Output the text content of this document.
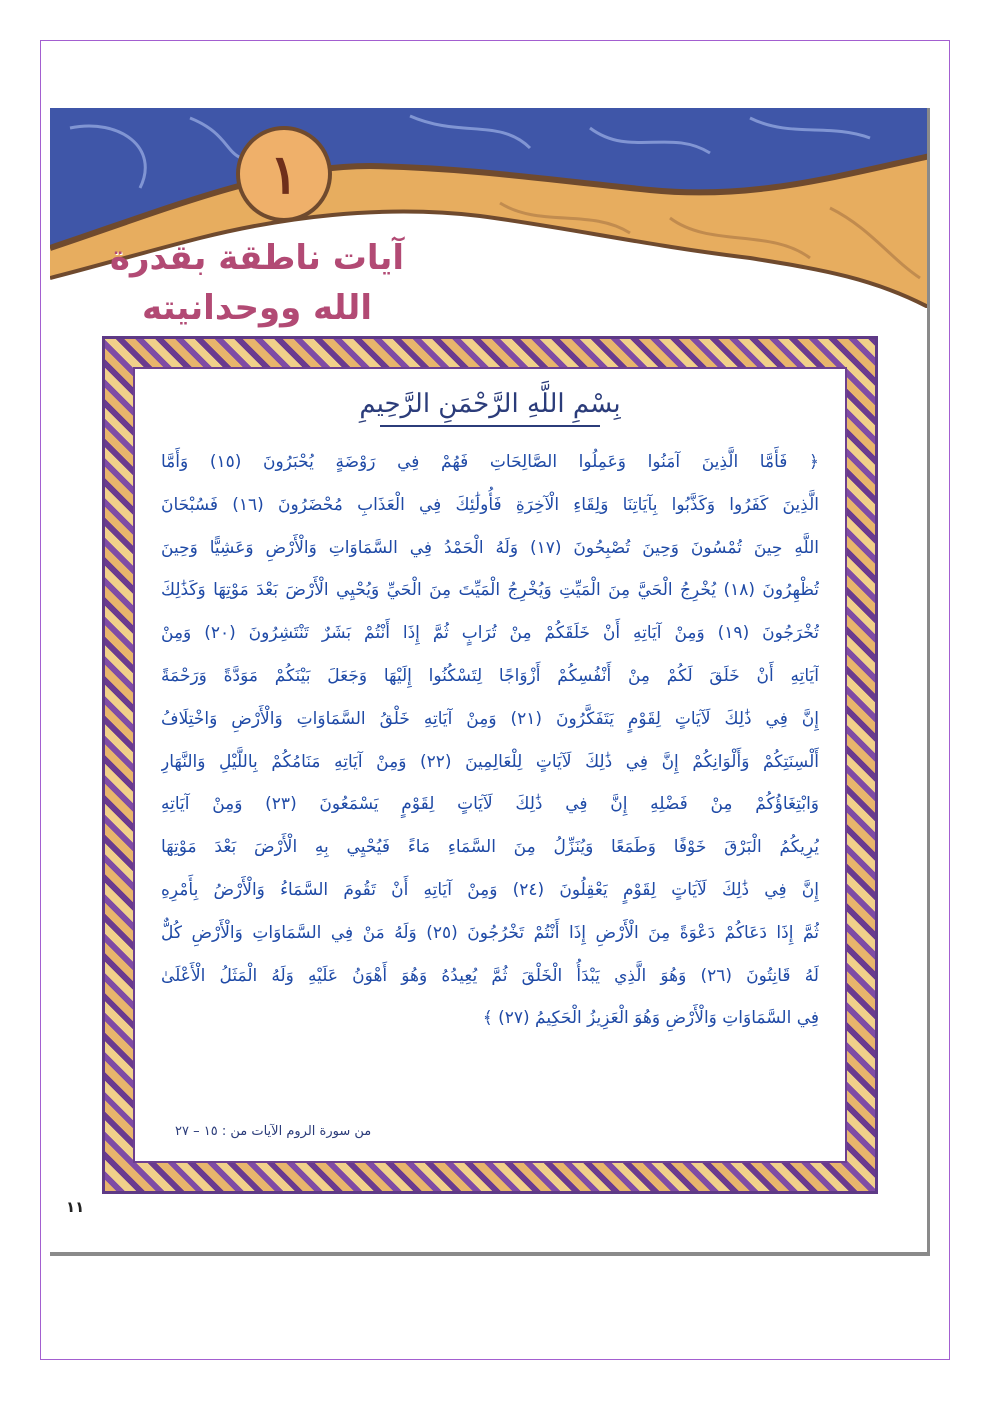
١
آيات ناطقة بقدرة الله ووحدانيته
بِسْمِ اللَّهِ الرَّحْمَنِ الرَّحِيمِ
﴿ فَأَمَّا الَّذِينَ آمَنُوا وَعَمِلُوا الصَّالِحَاتِ فَهُمْ فِي رَوْضَةٍ يُحْبَرُونَ (١٥) وَأَمَّا
الَّذِينَ كَفَرُوا وَكَذَّبُوا بِآيَاتِنَا وَلِقَاءِ الْآخِرَةِ فَأُولَٰئِكَ فِي الْعَذَابِ مُحْضَرُونَ (١٦) فَسُبْحَانَ
اللَّهِ حِينَ تُمْسُونَ وَحِينَ تُصْبِحُونَ (١٧) وَلَهُ الْحَمْدُ فِي السَّمَاوَاتِ وَالْأَرْضِ وَعَشِيًّا وَحِينَ
تُظْهِرُونَ (١٨) يُخْرِجُ الْحَيَّ مِنَ الْمَيِّتِ وَيُخْرِجُ الْمَيِّتَ مِنَ الْحَيِّ وَيُحْيِي الْأَرْضَ بَعْدَ مَوْتِهَا وَكَذَٰلِكَ
تُخْرَجُونَ (١٩) وَمِنْ آيَاتِهِ أَنْ خَلَقَكُمْ مِنْ تُرَابٍ ثُمَّ إِذَا أَنْتُمْ بَشَرٌ تَنْتَشِرُونَ (٢٠) وَمِنْ
آيَاتِهِ أَنْ خَلَقَ لَكُمْ مِنْ أَنْفُسِكُمْ أَزْوَاجًا لِتَسْكُنُوا إِلَيْهَا وَجَعَلَ بَيْنَكُمْ مَوَدَّةً وَرَحْمَةً
إِنَّ فِي ذَٰلِكَ لَآيَاتٍ لِقَوْمٍ يَتَفَكَّرُونَ (٢١) وَمِنْ آيَاتِهِ خَلْقُ السَّمَاوَاتِ وَالْأَرْضِ وَاخْتِلَافُ
أَلْسِنَتِكُمْ وَأَلْوَانِكُمْ إِنَّ فِي ذَٰلِكَ لَآيَاتٍ لِلْعَالِمِينَ (٢٢) وَمِنْ آيَاتِهِ مَنَامُكُمْ بِاللَّيْلِ وَالنَّهَارِ
وَابْتِغَاؤُكُمْ مِنْ فَضْلِهِ إِنَّ فِي ذَٰلِكَ لَآيَاتٍ لِقَوْمٍ يَسْمَعُونَ (٢٣) وَمِنْ آيَاتِهِ
يُرِيكُمُ الْبَرْقَ خَوْفًا وَطَمَعًا وَيُنَزِّلُ مِنَ السَّمَاءِ مَاءً فَيُحْيِي بِهِ الْأَرْضَ بَعْدَ مَوْتِهَا
إِنَّ فِي ذَٰلِكَ لَآيَاتٍ لِقَوْمٍ يَعْقِلُونَ (٢٤) وَمِنْ آيَاتِهِ أَنْ تَقُومَ السَّمَاءُ وَالْأَرْضُ بِأَمْرِهِ
ثُمَّ إِذَا دَعَاكُمْ دَعْوَةً مِنَ الْأَرْضِ إِذَا أَنْتُمْ تَخْرُجُونَ (٢٥) وَلَهُ مَنْ فِي السَّمَاوَاتِ وَالْأَرْضِ كُلٌّ
لَهُ قَانِتُونَ (٢٦) وَهُوَ الَّذِي يَبْدَأُ الْخَلْقَ ثُمَّ يُعِيدُهُ وَهُوَ أَهْوَنُ عَلَيْهِ وَلَهُ الْمَثَلُ الْأَعْلَىٰ
فِي السَّمَاوَاتِ وَالْأَرْضِ وَهُوَ الْعَزِيزُ الْحَكِيمُ (٢٧) ﴾
من سورة الروم الآيات من : ١٥ – ٢٧
١١
